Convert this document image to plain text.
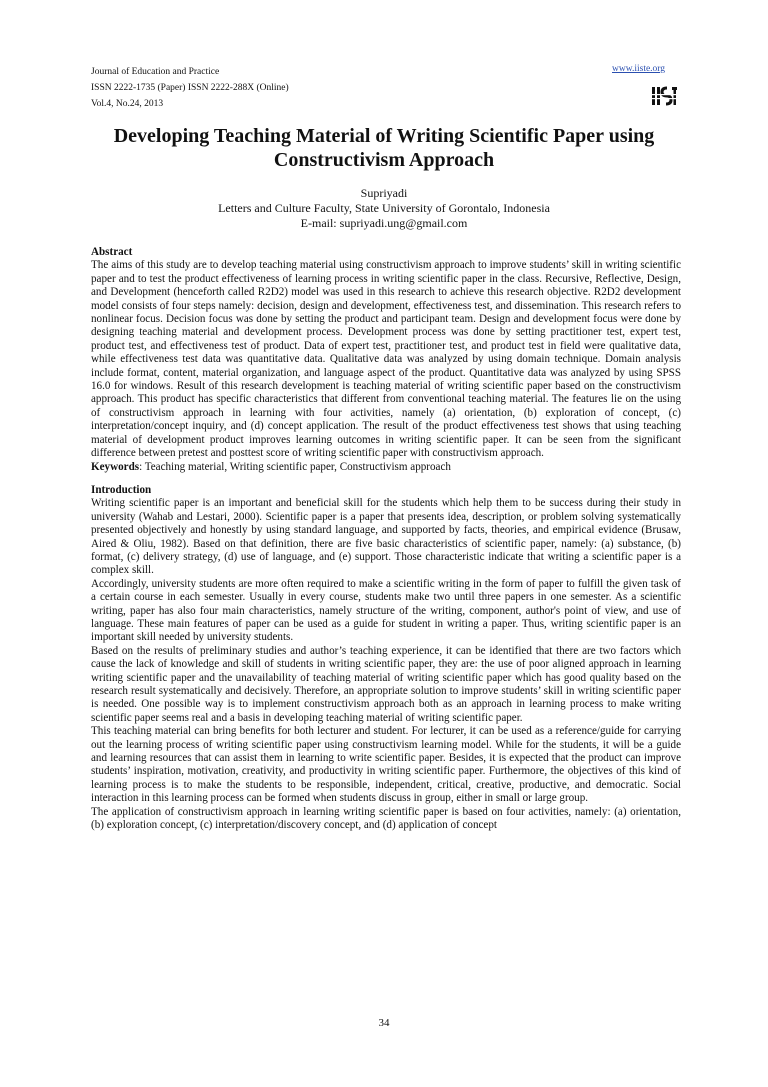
Journal of Education and Practice
ISSN 2222-1735 (Paper) ISSN 2222-288X (Online)
Vol.4, No.24, 2013
www.iiste.org
Developing Teaching Material of Writing Scientific Paper using Constructivism Approach
Supriyadi
Letters and Culture Faculty, State University of Gorontalo, Indonesia
E-mail: supriyadi.ung@gmail.com
Abstract

The aims of this study are to develop teaching material using constructivism approach to improve students’ skill in writing scientific paper and to test the product effectiveness of learning process in writing scientific paper in the class. Recursive, Reflective, Design, and Development (henceforth called R2D2) model was used in this research to achieve this research objective. R2D2 development model consists of four steps namely: decision, design and development, effectiveness test, and dissemination. This research refers to nonlinear focus. Decision focus was done by setting the product and participant team. Design and development focus were done by designing teaching material and development process. Development process was done by setting practitioner test, expert test, product test, and effectiveness test of product. Data of expert test, practitioner test, and product test in field were qualitative data, while effectiveness test data was quantitative data. Qualitative data was analyzed by using domain technique. Domain analysis include format, content, material organization, and language aspect of the product. Quantitative data was analyzed by using SPSS 16.0 for windows. Result of this research development is teaching material of writing scientific paper based on the constructivism approach. This product has specific characteristics that different from conventional teaching material. The features lie on the using of constructivism approach in learning with four activities, namely (a) orientation, (b) exploration of concept, (c) interpretation/concept inquiry, and (d) concept application. The result of the product effectiveness test shows that using teaching material of development product improves learning outcomes in writing scientific paper. It can be seen from the significant difference between pretest and posttest score of writing scientific paper with constructivism approach.

Keywords: Teaching material, Writing scientific paper, Constructivism approach

Introduction

Writing scientific paper is an important and beneficial skill for the students which help them to be success during their study in university (Wahab and Lestari, 2000). Scientific paper is a paper that presents idea, description, or problem solving systematically presented objectively and honestly by using standard language, and supported by facts, theories, and empirical evidence (Brusaw, Aired & Oliu, 1982). Based on that definition, there are five basic characteristics of scientific paper, namely: (a) substance, (b) format, (c) delivery strategy, (d) use of language, and (e) support. Those characteristic indicate that writing a scientific paper is a complex skill.

Accordingly, university students are more often required to make a scientific writing in the form of paper to fulfill the given task of a certain course in each semester. Usually in every course, students make two until three papers in one semester. As a scientific writing, paper has also four main characteristics, namely structure of the writing, component, author's point of view, and use of language. These main features of paper can be used as a guide for student in writing a paper. Thus, writing scientific paper is an important skill needed by university students.

Based on the results of preliminary studies and author’s teaching experience, it can be identified that there are two factors which cause the lack of knowledge and skill of students in writing scientific paper, they are: the use of poor aligned approach in learning writing scientific paper and the unavailability of teaching material of writing scientific paper which has good quality based on the research result systematically and decisively. Therefore, an appropriate solution to improve students’ skill in writing scientific paper is needed. One possible way is to implement constructivism approach both as an approach in learning process to make writing scientific paper seems real and a basis in developing teaching material of writing scientific paper.

This teaching material can bring benefits for both lecturer and student. For lecturer, it can be used as a reference/guide for carrying out the learning process of writing scientific paper using constructivism learning model. While for the students, it will be a guide and learning resources that can assist them in learning to write scientific paper. Besides, it is expected that the product can improve students’ inspiration, motivation, creativity, and productivity in writing scientific paper. Furthermore, the objectives of this kind of learning process is to make the students to be responsible, independent, critical, creative, productive, and democratic. Social interaction in this learning process can be formed when students discuss in group, either in small or large group.

The application of constructivism approach in learning writing scientific paper is based on four activities, namely: (a) orientation, (b) exploration concept, (c) interpretation/discovery concept, and (d) application of concept

34
